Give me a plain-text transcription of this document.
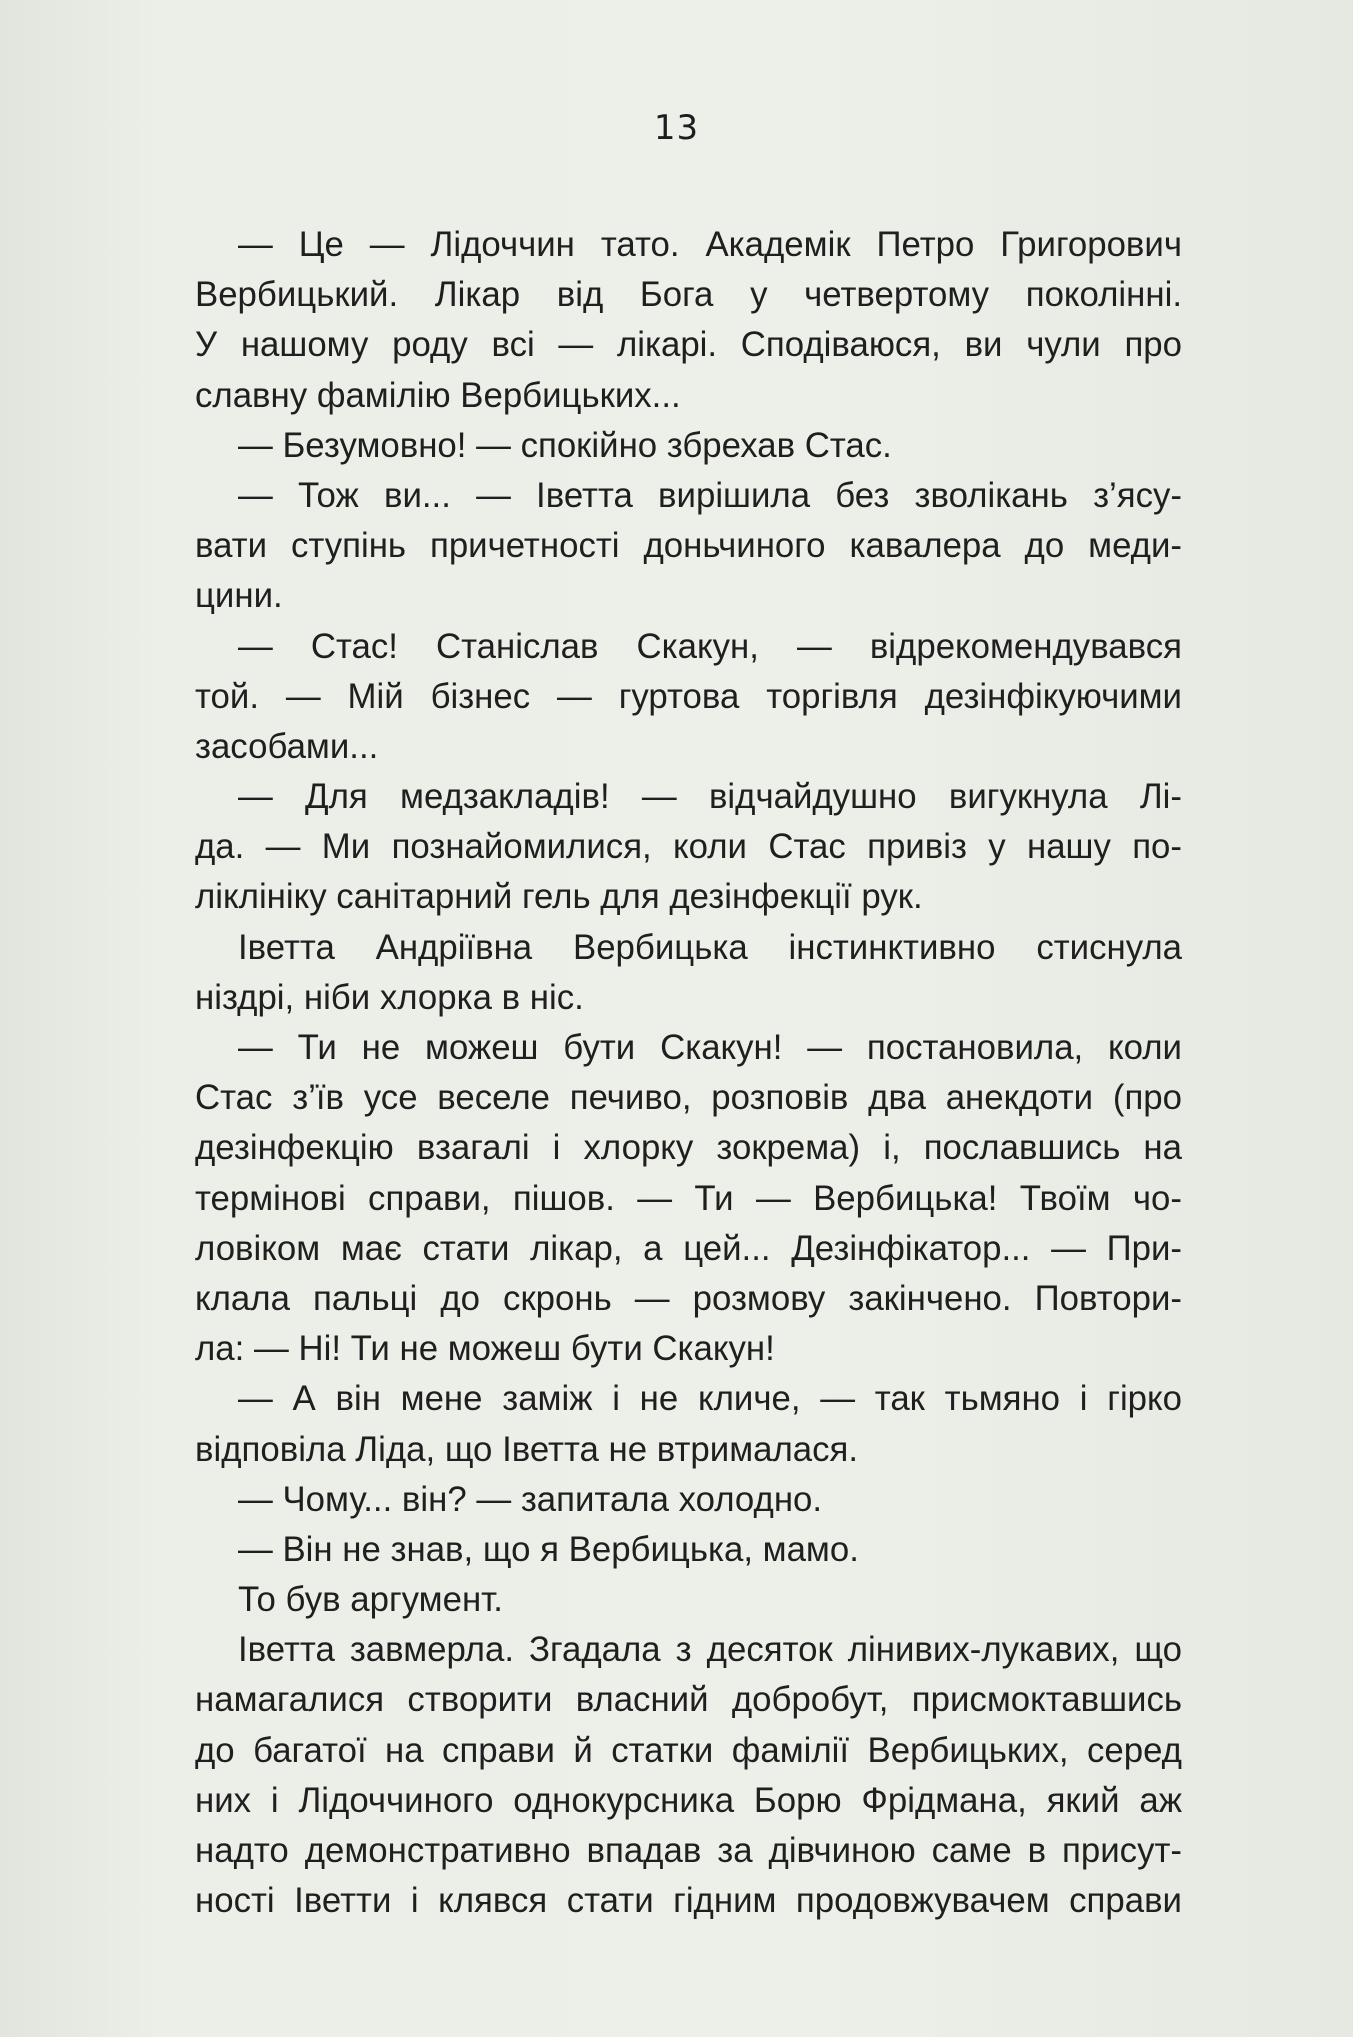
13
— Це — Лідоччин тато. Академік Петро Григорович
Вербицький. Лікар від Бога у четвертому поколінні.
У нашому роду всі — лікарі. Сподіваюся, ви чули про
славну фамілію Вербицьких...
— Безумовно! — спокійно збрехав Стас.
— Тож ви... — Іветта вирішила без зволікань з’ясу-
вати ступінь причетності доньчиного кавалера до меди-
цини.
— Стас! Станіслав Скакун, — відрекомендувався
той. — Мій бізнес — гуртова торгівля дезінфікуючими
засобами...
— Для медзакладів! — відчайдушно вигукнула Лі-
да. — Ми познайомилися, коли Стас привіз у нашу по-
ліклініку санітарний гель для дезінфекції рук.
Іветта Андріївна Вербицька інстинктивно стиснула
ніздрі, ніби хлорка в ніс.
— Ти не можеш бути Скакун! — постановила, коли
Стас з’їв усе веселе печиво, розповів два анекдоти (про
дезінфекцію взагалі і хлорку зокрема) і, пославшись на
термінові справи, пішов. — Ти — Вербицька! Твоїм чо-
ловіком має стати лікар, а цей... Дезінфікатор... — При-
клала пальці до скронь — розмову закінчено. Повтори-
ла: — Ні! Ти не можеш бути Скакун!
— А він мене заміж і не кличе, — так тьмяно і гірко
відповіла Ліда, що Іветта не втрималася.
— Чому... він? — запитала холодно.
— Він не знав, що я Вербицька, мамо.
То був аргумент.
Іветта завмерла. Згадала з десяток лінивих-лукавих, що
намагалися створити власний добробут, присмоктавшись
до багатої на справи й статки фамілії Вербицьких, серед
них і Лідоччиного однокурсника Борю Фрідмана, який аж
надто демонстративно впадав за дівчиною саме в присут-
ності Іветти і клявся стати гідним продовжувачем справи
